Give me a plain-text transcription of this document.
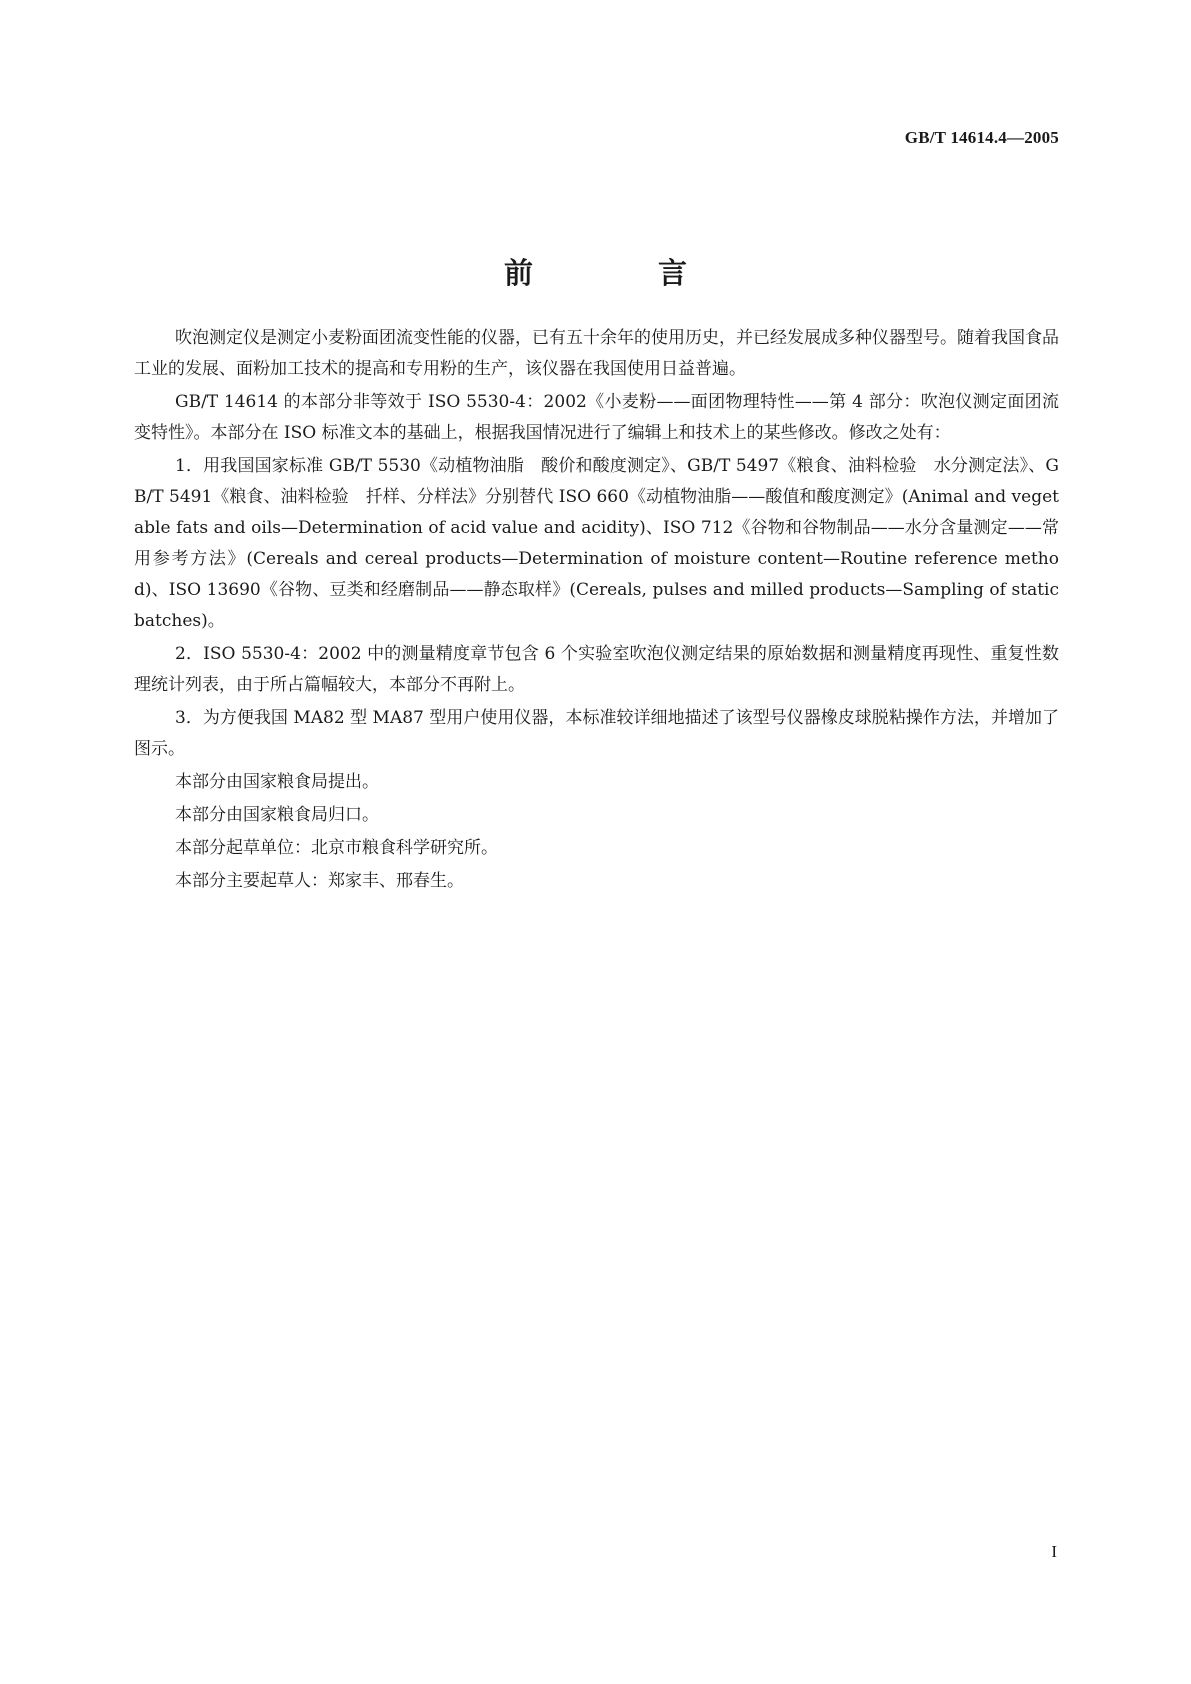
GB/T 14614.4—2005
前　言

吹泡测定仪是测定小麦粉面团流变性能的仪器，已有五十余年的使用历史，并已经发展成多种仪器型号。随着我国食品工业的发展、面粉加工技术的提高和专用粉的生产，该仪器在我国使用日益普遍。

GB/T 14614 的本部分非等效于 ISO 5530-4：2002《小麦粉——面团物理特性——第 4 部分：吹泡仪测定面团流变特性》。本部分在 ISO 标准文本的基础上，根据我国情况进行了编辑上和技术上的某些修改。修改之处有：

1．用我国国家标准 GB/T 5530《动植物油脂　酸价和酸度测定》、GB/T 5497《粮食、油料检验　水分测定法》、GB/T 5491《粮食、油料检验　扦样、分样法》分别替代 ISO 660《动植物油脂——酸值和酸度测定》(Animal and vegetable fats and oils—Determination of acid value and acidity)、ISO 712《谷物和谷物制品——水分含量测定——常用参考方法》(Cereals and cereal products—Determination of moisture content—Routine reference method)、ISO 13690《谷物、豆类和经磨制品——静态取样》(Cereals, pulses and milled products—Sampling of static batches)。

2．ISO 5530-4：2002 中的测量精度章节包含 6 个实验室吹泡仪测定结果的原始数据和测量精度再现性、重复性数理统计列表，由于所占篇幅较大，本部分不再附上。

3．为方便我国 MA82 型 MA87 型用户使用仪器，本标准较详细地描述了该型号仪器橡皮球脱粘操作方法，并增加了图示。

本部分由国家粮食局提出。

本部分由国家粮食局归口。

本部分起草单位：北京市粮食科学研究所。

本部分主要起草人：郑家丰、邢春生。

I
